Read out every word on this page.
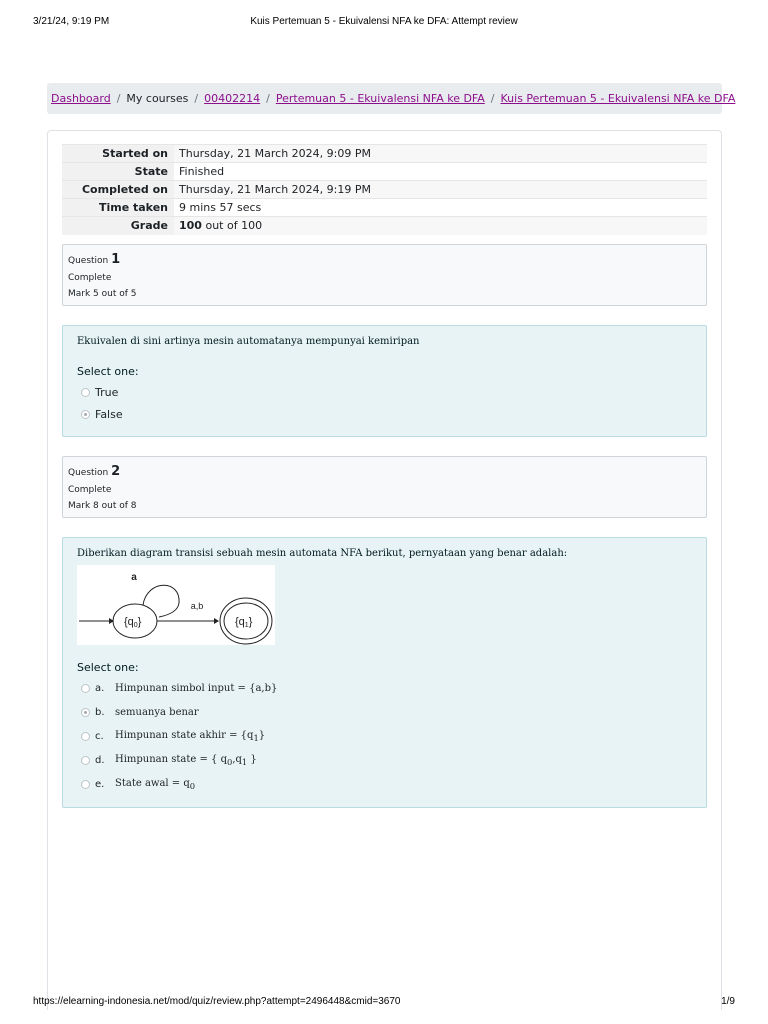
3/21/24, 9:19 PM	Kuis Pertemuan 5 - Ekuivalensi NFA ke DFA: Attempt review
Dashboard / My courses / 00402214 / Pertemuan 5 - Ekuivalensi NFA ke DFA / Kuis Pertemuan 5 - Ekuivalensi NFA ke DFA
Started on	Thursday, 21 March 2024, 9:09 PM
State	Finished
Completed on	Thursday, 21 March 2024, 9:19 PM
Time taken	9 mins 57 secs
Grade	100 out of 100
Question 1
Complete
Mark 5 out of 5
Ekuivalen di sini artinya mesin automatanya mempunyai kemiripan
Select one:
True
False
Question 2
Complete
Mark 8 out of 8
Diberikan diagram transisi sebuah mesin automata NFA berikut, pernyataan yang benar adalah:
a
a,b
{q0}	{q1}
Select one:
a.	Himpunan simbol input = {a,b}
b.	semuanya benar
c.	Himpunan state akhir = $\{q_1\}$
d.	Himpunan state = { $q_0,q_1$ }
e.	State awal = $q_0$
https://elearning-indonesia.net/mod/quiz/review.php?attempt=2496448&cmid=3670	1/9
